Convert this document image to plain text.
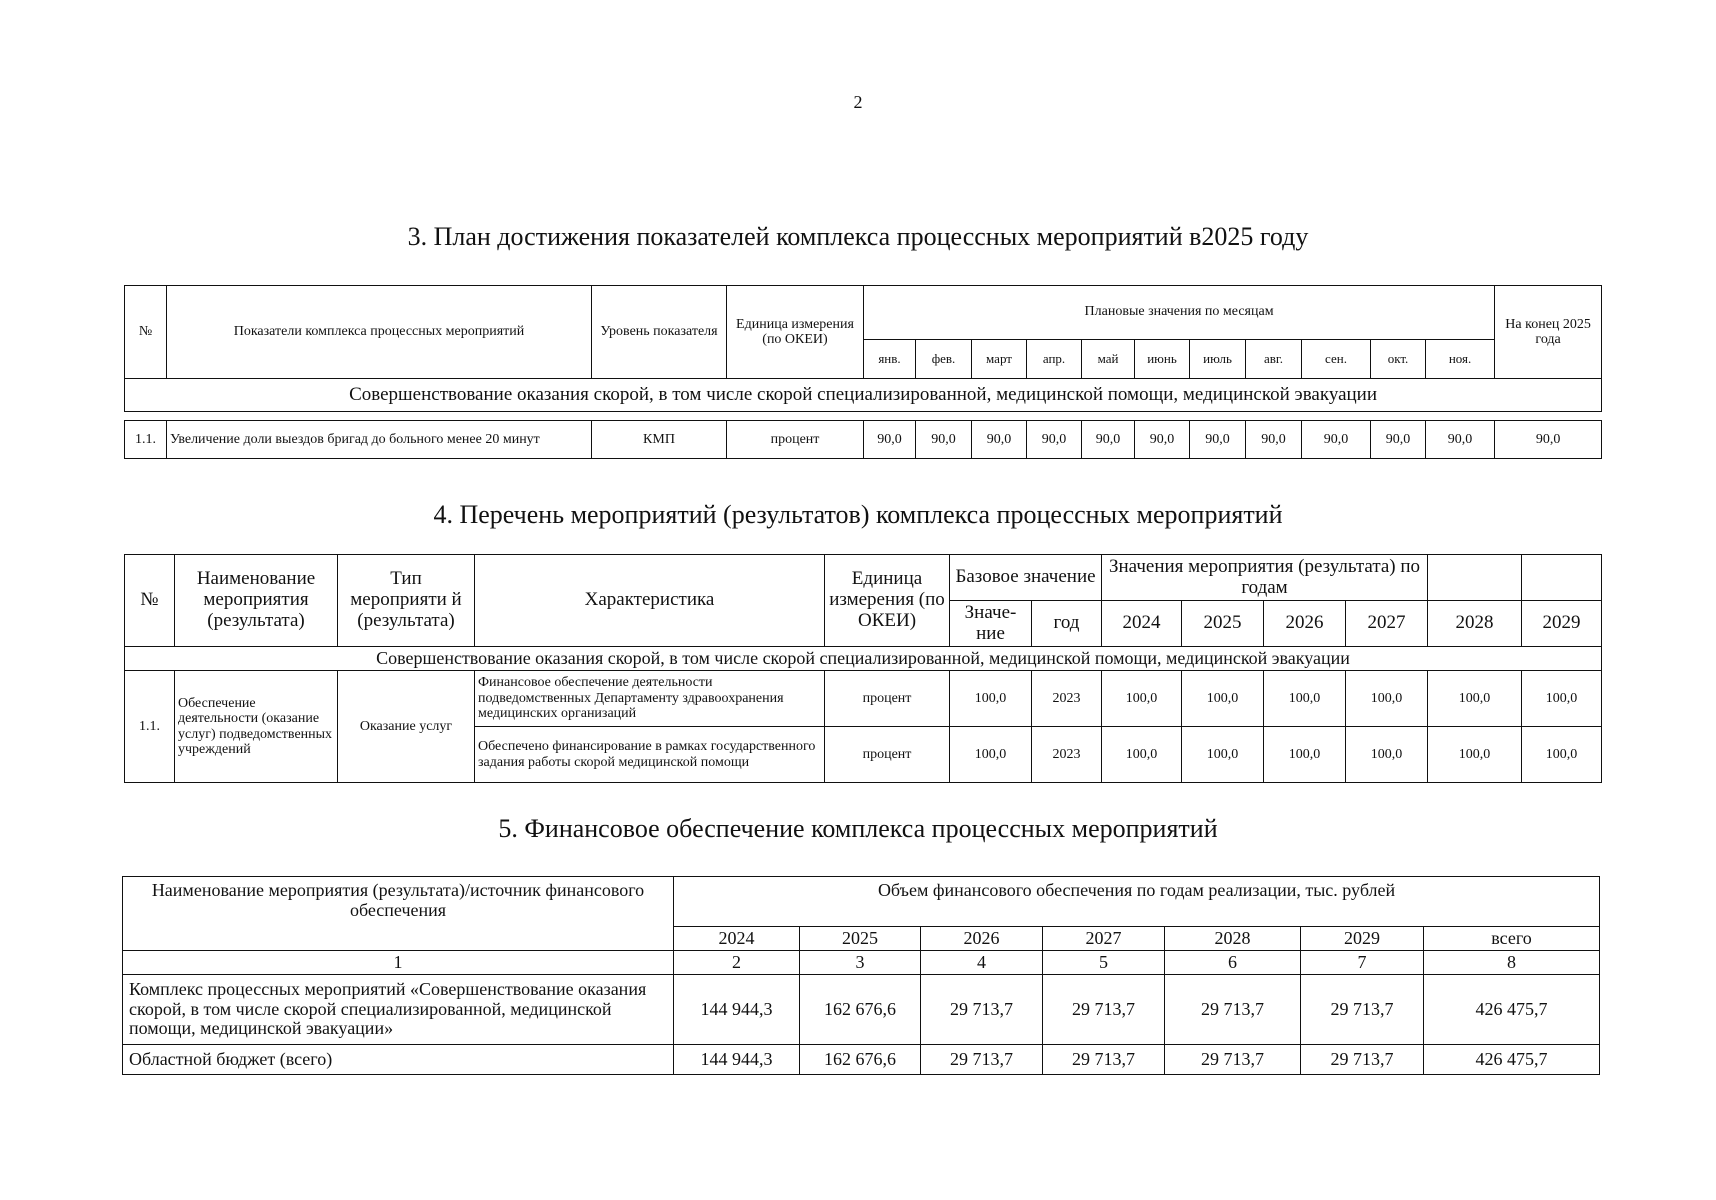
2
3. План достижения показателей комплекса процессных мероприятий в2025 году
№	Показатели комплекса процессных мероприятий	Уровень показателя	Единица измерения (по ОКЕИ)	Плановые значения по месяцам											На конец 2025 года
				янв.	фев.	март	апр.	май	июнь	июль	авг.	сен.	окт.	ноя.	
Совершенствование оказания скорой, в том числе скорой специализированной, медицинской помощи, медицинской эвакуации															

1.1.	Увеличение доли выездов бригад до больного менее 20 минут	КМП	процент	90,0	90,0	90,0	90,0	90,0	90,0	90,0	90,0	90,0	90,0	90,0	90,0
4. Перечень мероприятий (результатов) комплекса процессных мероприятий
№	Наименование мероприятия (результата)	Тип мероприяти й (результата)	Характеристика	Единица измерения (по ОКЕИ)	Базовое значение		Значения мероприятия (результата) по годам					
					Значе-ние	год	2024	2025	2026	2027	2028	2029
Совершенствование оказания скорой, в том числе скорой специализированной, медицинской помощи, медицинской эвакуации												
1.1.	Обеспечение деятельности (оказание услуг) подведомственных учреждений	Оказание услуг	Финансовое обеспечение деятельности подведомственных Департаменту здравоохранения медицинских организаций	процент	100,0	2023	100,0	100,0	100,0	100,0	100,0	100,0
			Обеспечено финансирование в рамках государственного задания работы скорой медицинской помощи	процент	100,0	2023	100,0	100,0	100,0	100,0	100,0	100,0
5. Финансовое обеспечение комплекса процессных мероприятий
Наименование мероприятия (результата)/источник финансового обеспечения	Объем финансового обеспечения по годам реализации, тыс. рублей						
	2024	2025	2026	2027	2028	2029	всего
1	2	3	4	5	6	7	8
Комплекс процессных мероприятий «Совершенствование оказания скорой, в том числе скорой специализированной, медицинской помощи, медицинской эвакуации»	144 944,3	162 676,6	29 713,7	29 713,7	29 713,7	29 713,7	426 475,7
Областной бюджет (всего)	144 944,3	162 676,6	29 713,7	29 713,7	29 713,7	29 713,7	426 475,7
